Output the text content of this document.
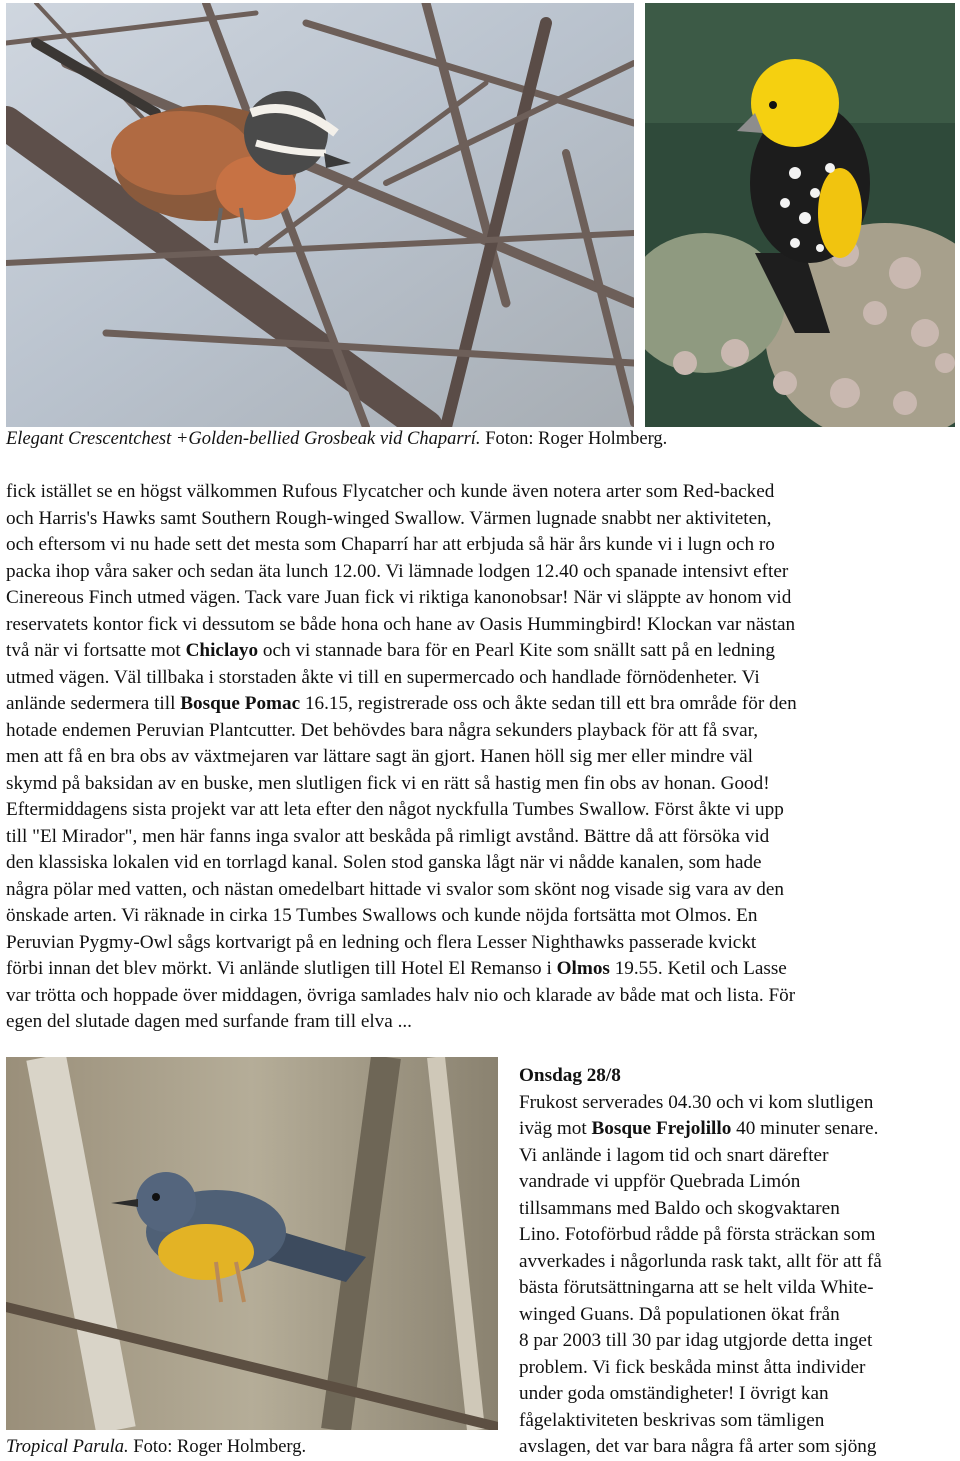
Elegant Crescentchest +Golden-bellied Grosbeak vid Chaparrí. Foton: Roger Holmberg.
fick istället se en högst välkommen Rufous Flycatcher och kunde även notera arter som Red-backed
och Harris's Hawks samt Southern Rough-winged Swallow. Värmen lugnade snabbt ner aktiviteten,
och eftersom vi nu hade sett det mesta som Chaparrí har att erbjuda så här års kunde vi i lugn och ro
packa ihop våra saker och sedan äta lunch 12.00. Vi lämnade lodgen 12.40 och spanade intensivt efter
Cinereous Finch utmed vägen. Tack vare Juan fick vi riktiga kanonobsar! När vi släppte av honom vid
reservatets kontor fick vi dessutom se både hona och hane av Oasis Hummingbird! Klockan var nästan
två när vi fortsatte mot Chiclayo och vi stannade bara för en Pearl Kite som snällt satt på en ledning
utmed vägen. Väl tillbaka i storstaden åkte vi till en supermercado och handlade förnödenheter. Vi
anlände sedermera till Bosque Pomac 16.15, registrerade oss och åkte sedan till ett bra område för den
hotade endemen Peruvian Plantcutter. Det behövdes bara några sekunders playback för att få svar,
men att få en bra obs av växtmejaren var lättare sagt än gjort. Hanen höll sig mer eller mindre väl
skymd på baksidan av en buske, men slutligen fick vi en rätt så hastig men fin obs av honan. Good!
Eftermiddagens sista projekt var att leta efter den något nyckfulla Tumbes Swallow. Först åkte vi upp
till "El Mirador", men här fanns inga svalor att beskåda på rimligt avstånd. Bättre då att försöka vid
den klassiska lokalen vid en torrlagd kanal. Solen stod ganska lågt när vi nådde kanalen, som hade
några pölar med vatten, och nästan omedelbart hittade vi svalor som skönt nog visade sig vara av den
önskade arten. Vi räknade in cirka 15 Tumbes Swallows och kunde nöjda fortsätta mot Olmos. En
Peruvian Pygmy-Owl sågs kortvarigt på en ledning och flera Lesser Nighthawks passerade kvickt
förbi innan det blev mörkt. Vi anlände slutligen till Hotel El Remanso i Olmos 19.55. Ketil och Lasse
var trötta och hoppade över middagen, övriga samlades halv nio och klarade av både mat och lista. För
egen del slutade dagen med surfande fram till elva ...
Tropical Parula. Foto: Roger Holmberg.
Onsdag 28/8
Frukost serverades 04.30 och vi kom slutligen
iväg mot Bosque Frejolillo 40 minuter senare.
Vi anlände i lagom tid och snart därefter
vandrade vi uppför Quebrada Limón
tillsammans med Baldo och skogvaktaren
Lino. Fotoförbud rådde på första sträckan som
avverkades i någorlunda rask takt, allt för att få
bästa förutsättningarna att se helt vilda White-
winged Guans. Då populationen ökat från
8 par 2003 till 30 par idag utgjorde detta inget
problem. Vi fick beskåda minst åtta individer
under goda omständigheter! I övrigt kan
fågelaktiviteten beskrivas som tämligen
avslagen, det var bara några få arter som sjöng
